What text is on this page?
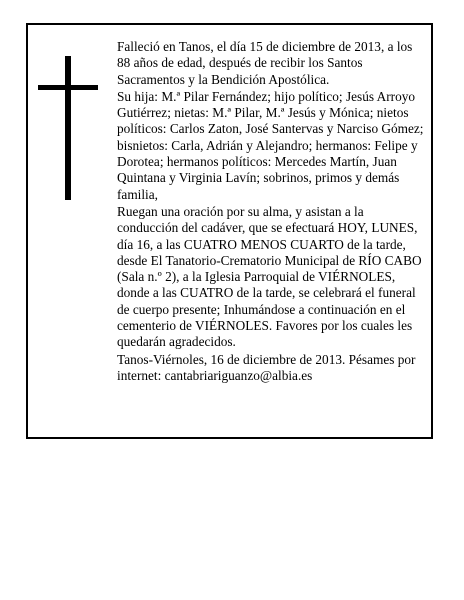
Falleció en Tanos, el día 15 de diciembre de 2013, a los 88 años de edad, después de recibir los Santos Sacramentos y la Bendición Apostólica.

Su hija: M.ª Pilar Fernández; hijo político; Jesús Arroyo Gutiérrez; nietas: M.ª Pilar, M.ª Jesús y Mónica; nietos políticos: Carlos Zaton, José Santervas y Narciso Gómez; bisnietos: Carla, Adrián y Alejandro; hermanos: Felipe y Dorotea; hermanos políticos: Mercedes Martín, Juan Quintana y Virginia Lavín; sobrinos, primos y demás familia,

Ruegan una oración por su alma, y asistan a la conducción del cadáver, que se efectuará HOY, LUNES, día 16, a las CUATRO MENOS CUARTO de la tarde, desde El Tanatorio-Crematorio Municipal de RÍO CABO (Sala n.º 2), a la Iglesia Parroquial de VIÉRNOLES, donde a las CUATRO de la tarde, se celebrará el funeral de cuerpo presente; Inhumándose a continuación en el cementerio de VIÉRNOLES. Favores por los cuales les quedarán agradecidos.

Tanos-Viérnoles, 16 de diciembre de 2013. Pésames por internet: cantabriariguanzo@albia.es
